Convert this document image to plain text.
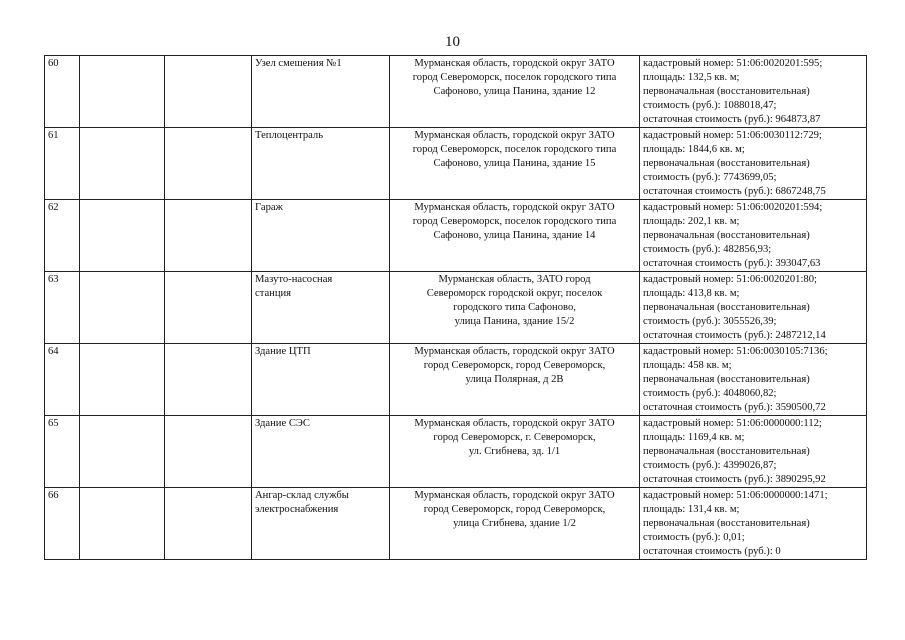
10
60			Узел смешения №1	Мурманская область, городской округ ЗАТО
город Североморск, поселок городского типа
Сафоново, улица Панина, здание 12	кадастровый номер: 51:06:0020201:595;
площадь: 132,5 кв. м;
первоначальная (восстановительная)
стоимость (руб.): 1088018,47;
остаточная стоимость (руб.): 964873,87

61			Теплоцентраль	Мурманская область, городской округ ЗАТО
город Североморск, поселок городского типа
Сафоново, улица Панина, здание 15	кадастровый номер: 51:06:0030112:729;
площадь: 1844,6 кв. м;
первоначальная (восстановительная)
стоимость (руб.): 7743699,05;
остаточная стоимость (руб.): 6867248,75

62			Гараж	Мурманская область, городской округ ЗАТО
город Североморск, поселок городского типа
Сафоново, улица Панина, здание 14	кадастровый номер: 51:06:0020201:594;
площадь: 202,1 кв. м;
первоначальная (восстановительная)
стоимость (руб.): 482856,93;
остаточная стоимость (руб.): 393047,63

63			Мазуто-насосная
станция	Мурманская область, ЗАТО город
Североморск городской округ, поселок
городского типа Сафоново,
улица Панина, здание 15/2	кадастровый номер: 51:06:0020201:80;
площадь: 413,8 кв. м;
первоначальная (восстановительная)
стоимость (руб.): 3055526,39;
остаточная стоимость (руб.): 2487212,14

64			Здание ЦТП	Мурманская область, городской округ ЗАТО
город Североморск, город Североморск,
улица Полярная, д 2В	кадастровый номер: 51:06:0030105:7136;
площадь: 458 кв. м;
первоначальная (восстановительная)
стоимость (руб.): 4048060,82;
остаточная стоимость (руб.): 3590500,72

65			Здание СЭС	Мурманская область, городской округ ЗАТО
город Североморск, г. Североморск,
ул. Сгибнева, зд. 1/1	кадастровый номер: 51:06:0000000:112;
площадь: 1169,4 кв. м;
первоначальная (восстановительная)
стоимость (руб.): 4399026,87;
остаточная стоимость (руб.): 3890295,92

66			Ангар-склад службы
электроснабжения	Мурманская область, городской округ ЗАТО
город Североморск, город Североморск,
улица Сгибнева, здание 1/2	кадастровый номер: 51:06:0000000:1471;
площадь: 131,4 кв. м;
первоначальная (восстановительная)
стоимость (руб.): 0,01;
остаточная стоимость (руб.): 0
